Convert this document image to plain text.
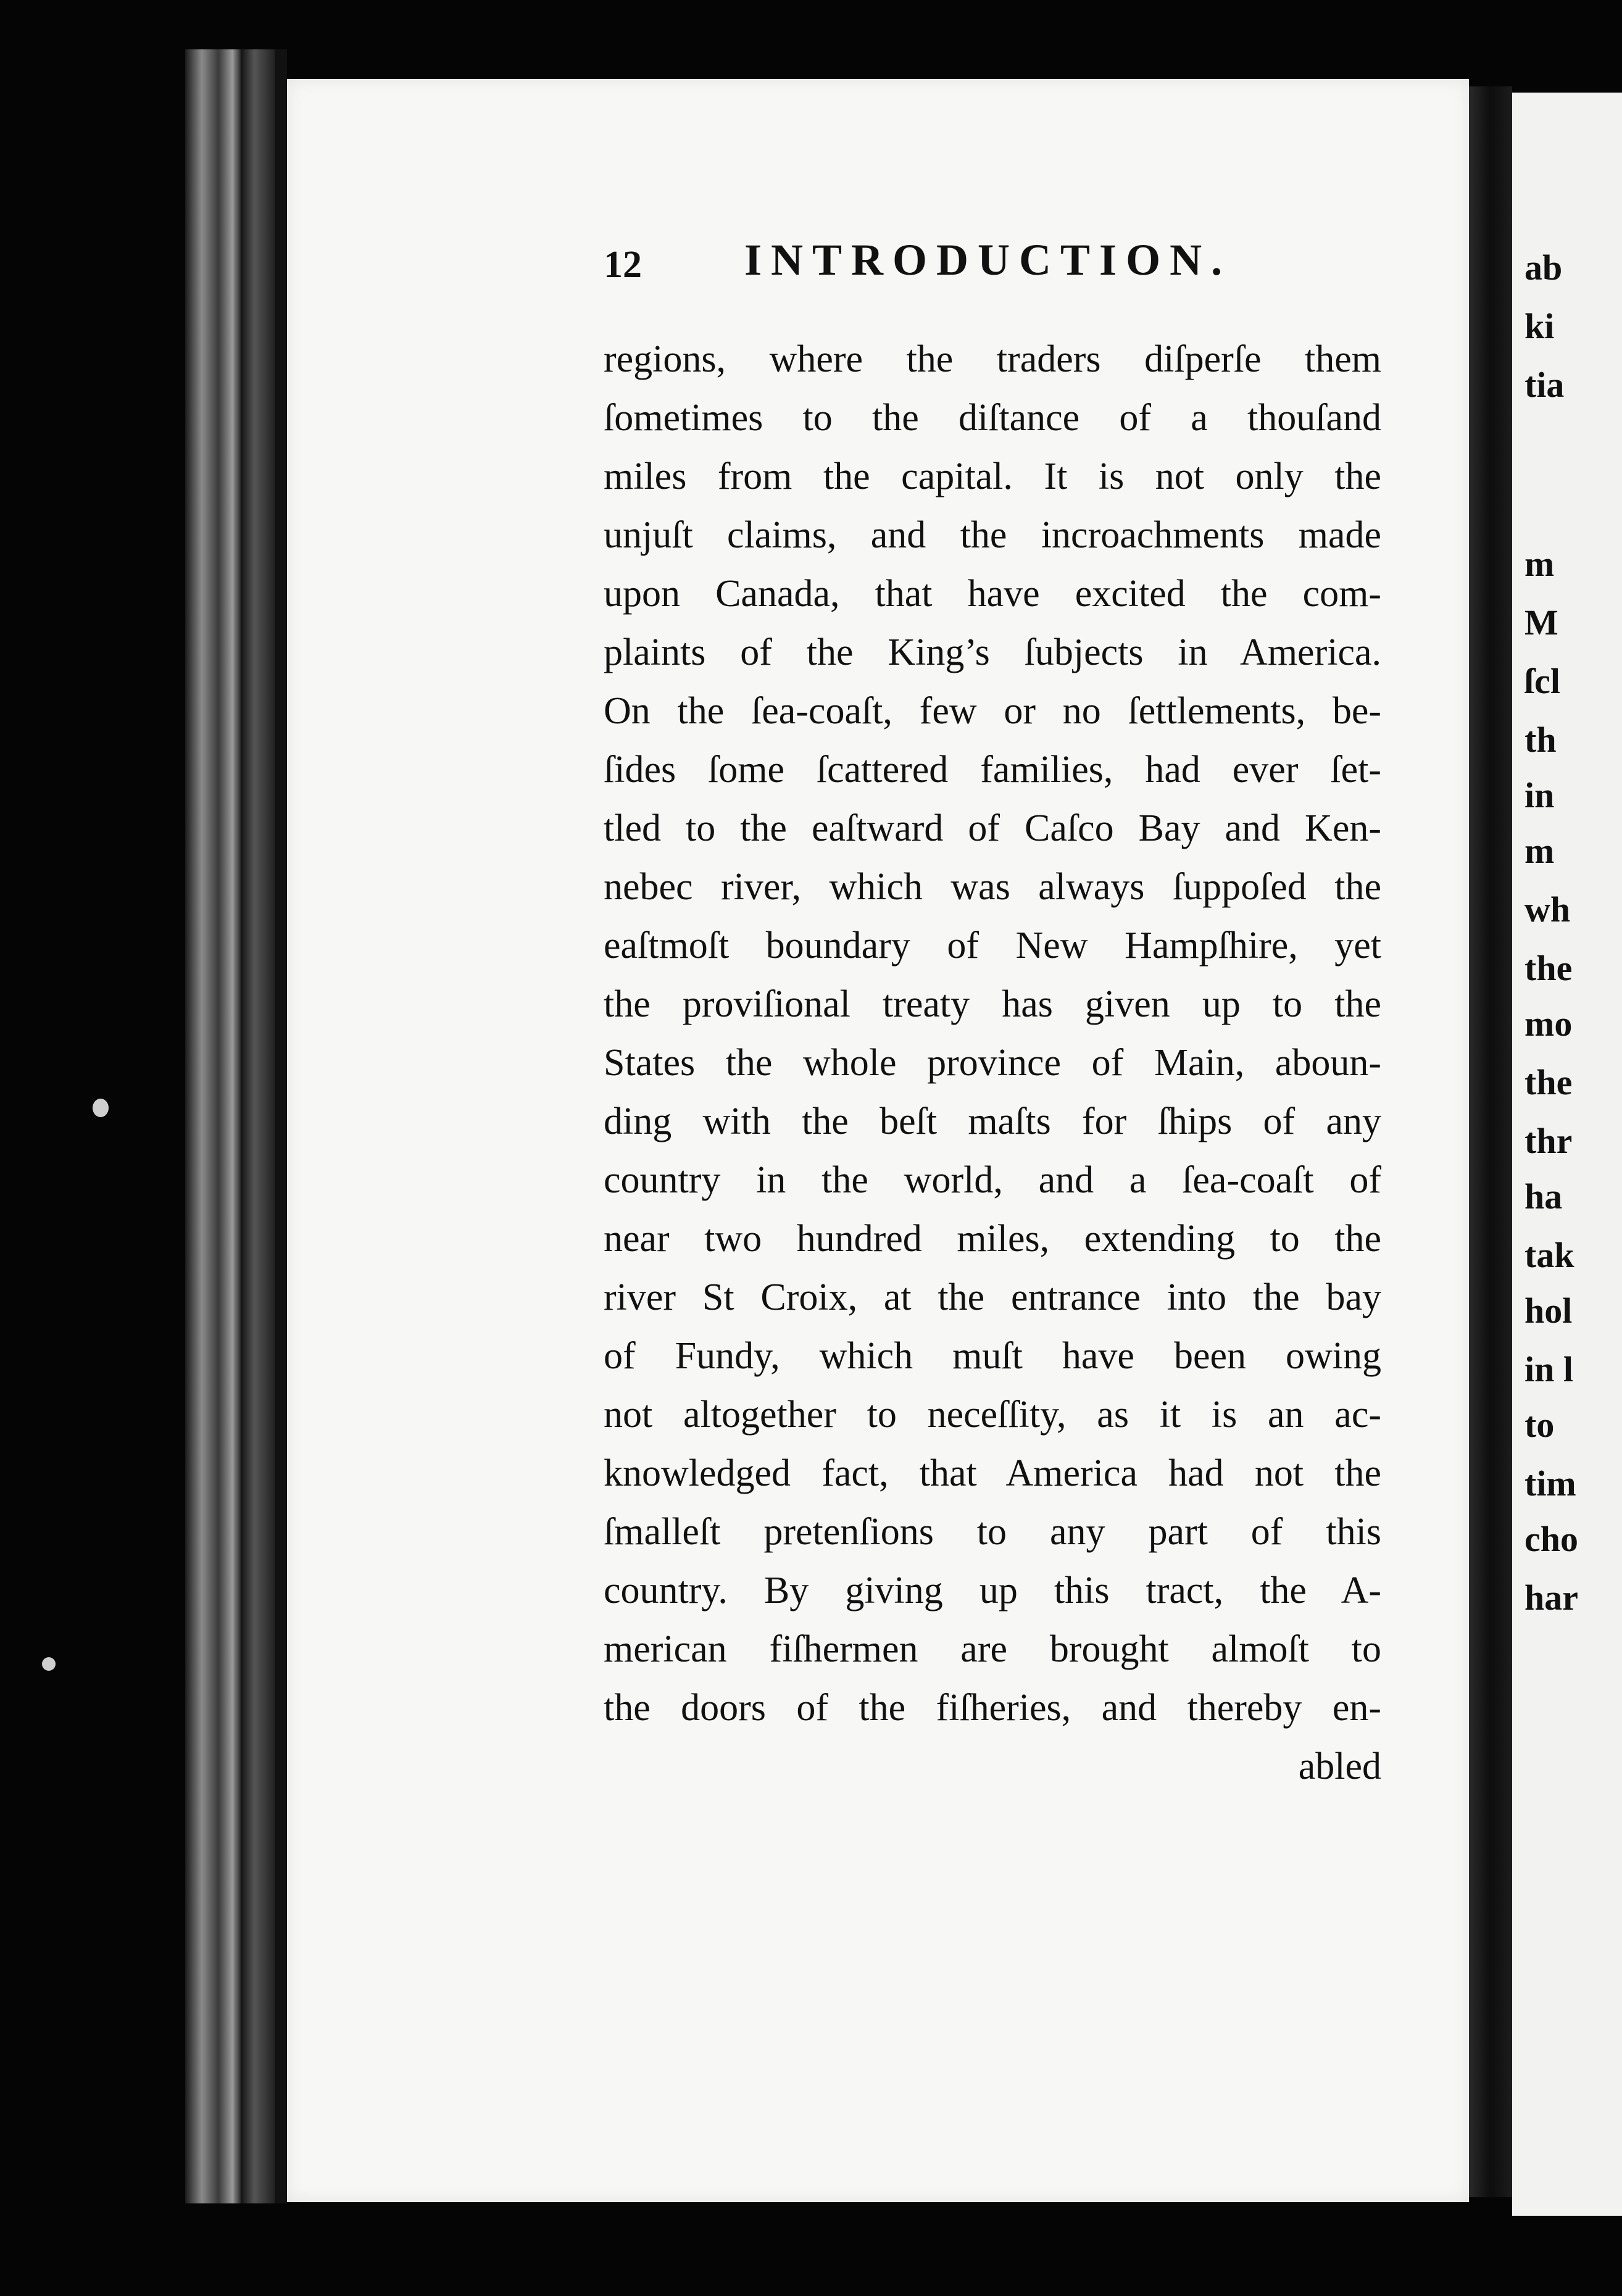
ab
ki
tia
m
M
ſcl
th
in
m
wh
the
mo
the
thr
ha
tak
hol
in l
to
tim
cho
har
12 INTRODUCTION.
regions, where the traders diſperſe them
ſometimes to the diſtance of a thouſand
miles from the capital. It is not only the
unjuſt claims, and the incroachments made
upon Canada, that have excited the com-
plaints of the King’s ſubjects in America.
On the ſea-coaſt, few or no ſettlements, be-
ſides ſome ſcattered families, had ever ſet-
tled to the eaſtward of Caſco Bay and Ken-
nebec river, which was always ſuppoſed the
eaſtmoſt boundary of New Hampſhire, yet
the proviſional treaty has given up to the
States the whole province of Main, aboun-
ding with the beſt maſts for ſhips of any
country in the world, and a ſea-coaſt of
near two hundred miles, extending to the
river St Croix, at the entrance into the bay
of Fundy, which muſt have been owing
not altogether to neceſſity, as it is an ac-
knowledged fact, that America had not the
ſmalleſt pretenſions to any part of this
country. By giving up this tract, the A-
merican fiſhermen are brought almoſt to
the doors of the fiſheries, and thereby en-
abled
